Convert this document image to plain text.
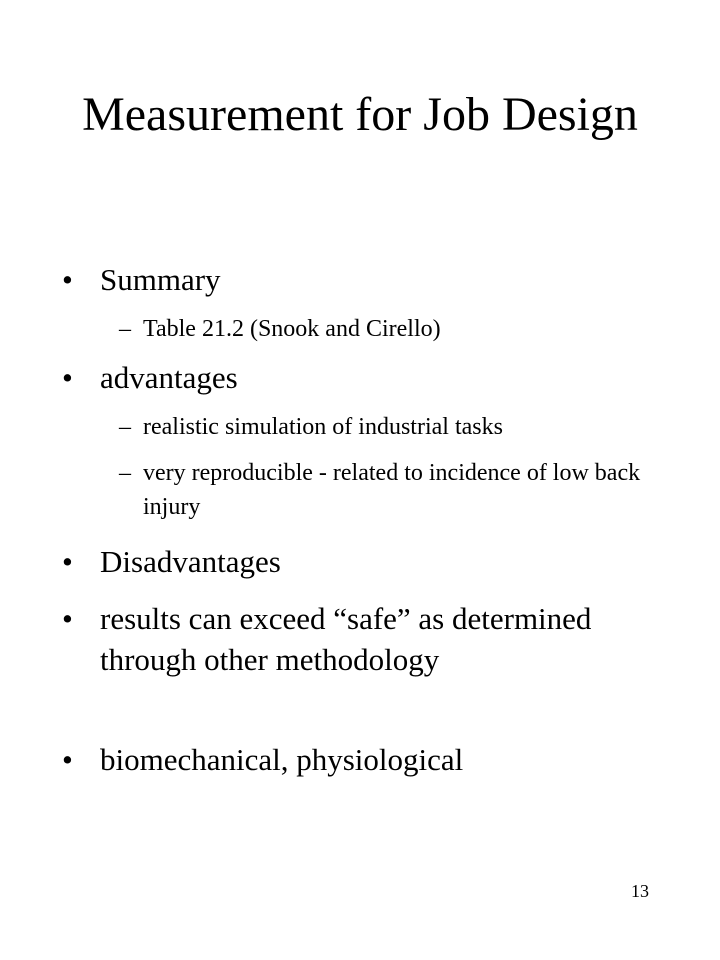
Measurement for Job Design
• Summary
– Table 21.2 (Snook and Cirello)
• advantages
– realistic simulation of industrial tasks
– very reproducible - related to incidence of low back injury
• Disadvantages
• results can exceed “safe” as determined through other methodology
• biomechanical, physiological
13
